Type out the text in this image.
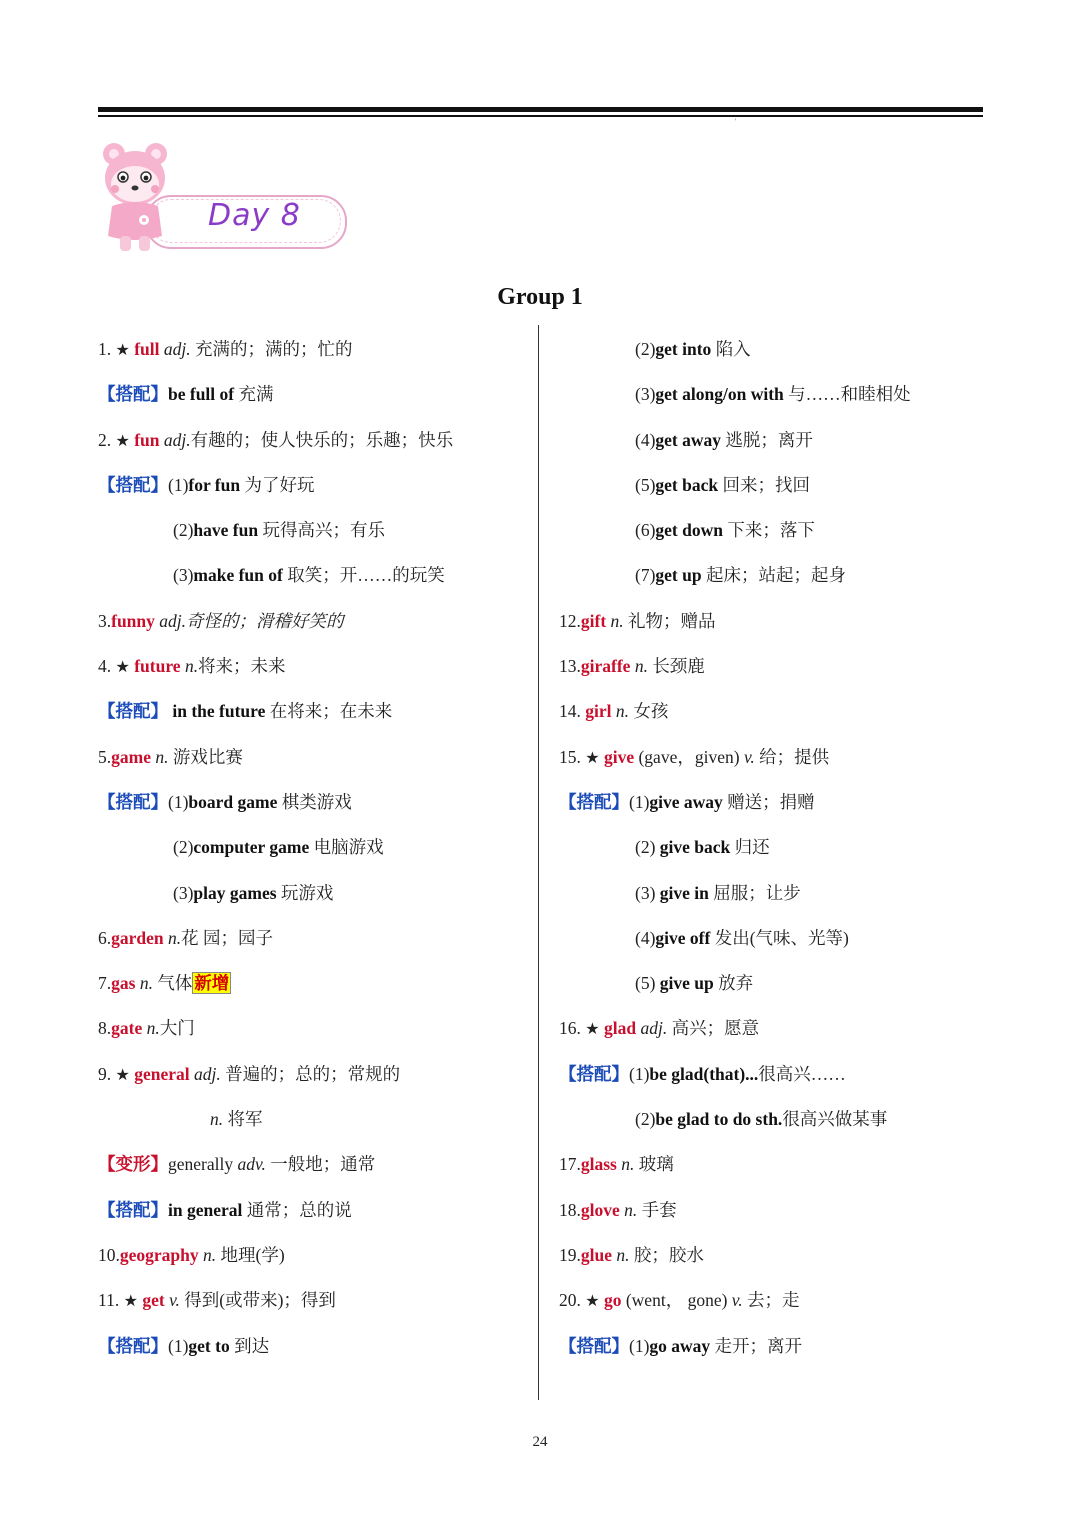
'
Day 8
Group 1
1. ★ full adj. 充满的；满的；忙的
【搭配】be full of 充满
2. ★ fun adj.有趣的；使人快乐的；乐趣；快乐
【搭配】(1)for fun 为了好玩
(2)have fun 玩得高兴；有乐
(3)make fun of 取笑；开……的玩笑
3.funny adj.奇怪的；滑稽好笑的
4. ★ future n.将来；未来
【搭配】 in the future 在将来；在未来
5.game n. 游戏比赛
【搭配】(1)board game 棋类游戏
(2)computer game 电脑游戏
(3)play games 玩游戏
6.garden n.花 园；园子
7.gas n. 气体 新增
8.gate n.大门
9. ★ general adj. 普遍的；总的；常规的
n. 将军
【变形】generally adv. 一般地；通常
【搭配】in general 通常；总的说
10.geography n. 地理(学)
11. ★ get v. 得到(或带来)；得到
【搭配】(1)get to 到达
(2)get into 陷入
(3)get along/on with 与……和睦相处
(4)get away 逃脱；离开
(5)get back 回来；找回
(6)get down 下来；落下
(7)get up 起床；站起；起身
12.gift n. 礼物；赠品
13.giraffe n. 长颈鹿
14. girl n. 女孩
15. ★ give (gave，given) v. 给；提供
【搭配】(1)give away 赠送；捐赠
(2) give back 归还
(3) give in 屈服；让步
(4)give off 发出(气味、光等)
(5) give up 放弃
16. ★ glad adj. 高兴；愿意
【搭配】(1)be glad(that)...很高兴……
(2)be glad to do sth.很高兴做某事
17.glass n. 玻璃
18.glove n. 手套
19.glue n. 胶；胶水
20. ★ go (went， gone) v. 去；走
【搭配】(1)go away 走开；离开
24
